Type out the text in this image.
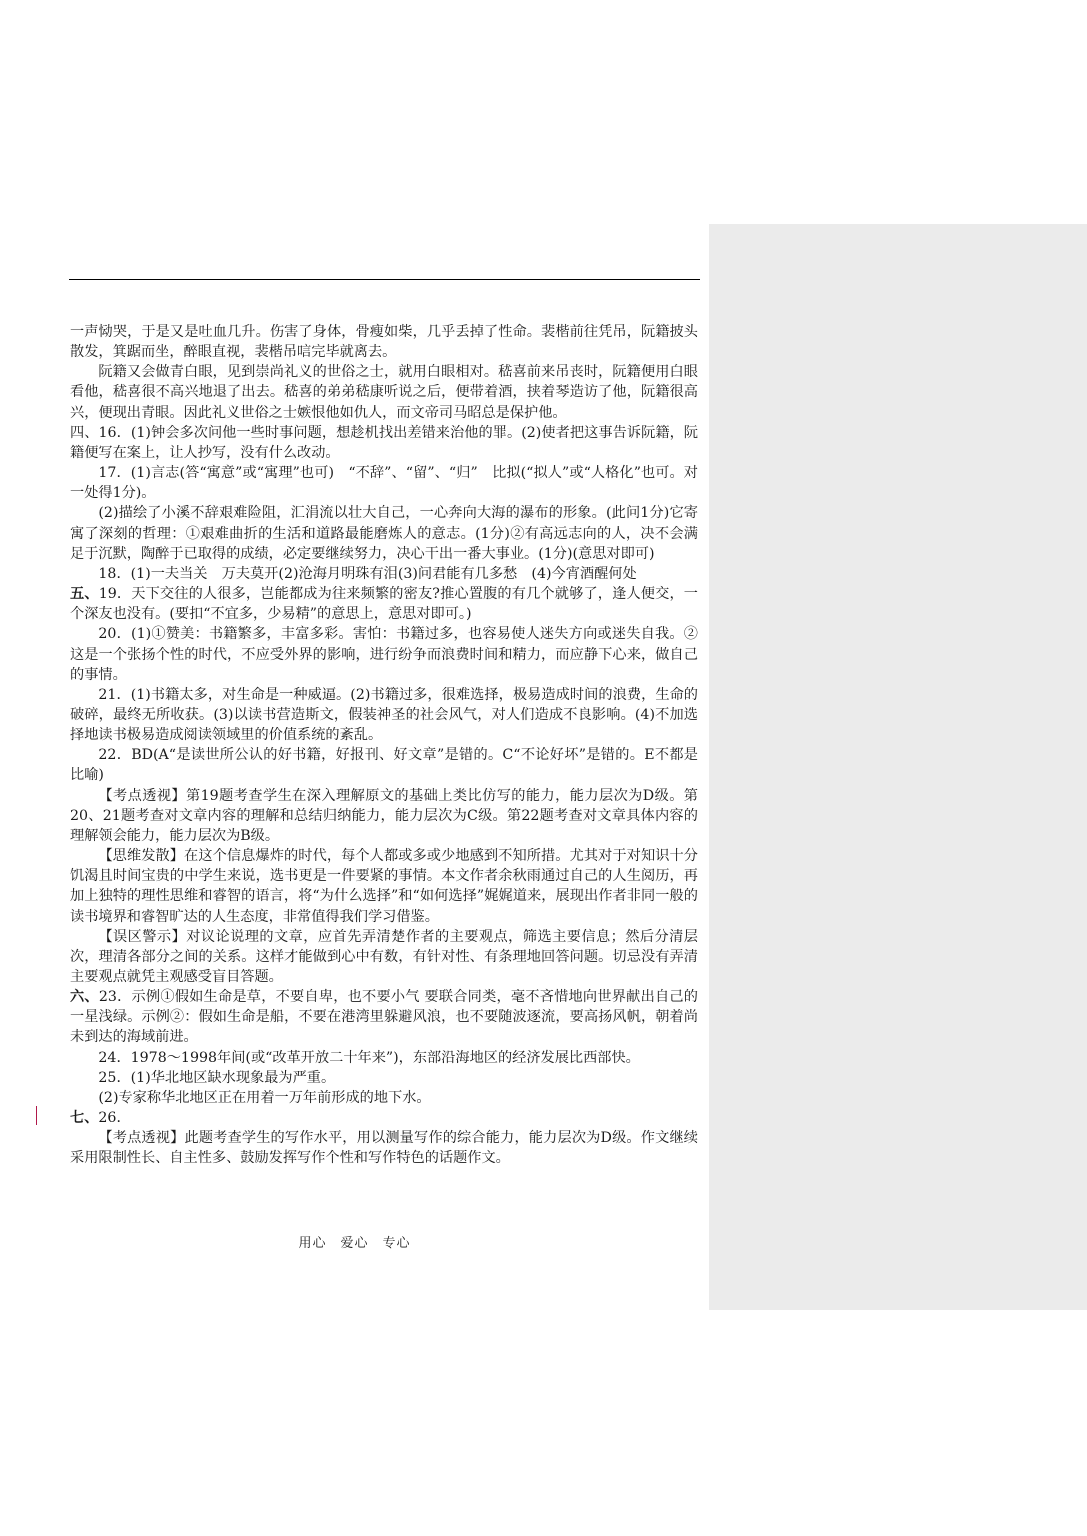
一声恸哭，于是又是吐血几升。伤害了身体，骨瘦如柴，几乎丢掉了性命。裴楷前往凭吊，阮籍披头散发，箕踞而坐，醉眼直视，裴楷吊唁完毕就离去。

阮籍又会做青白眼，见到崇尚礼义的世俗之士，就用白眼相对。嵇喜前来吊丧时，阮籍便用白眼看他，嵇喜很不高兴地退了出去。嵇喜的弟弟嵇康听说之后，便带着酒，挟着琴造访了他，阮籍很高兴，便现出青眼。因此礼义世俗之士嫉恨他如仇人，而文帝司马昭总是保护他。

四、16．(1)钟会多次问他一些时事问题，想趁机找出差错来治他的罪。(2)使者把这事告诉阮籍，阮籍便写在案上，让人抄写，没有什么改动。

17．(1)言志(答“寓意”或“寓理”也可)　“不辞”、“留”、“归”　比拟(“拟人”或“人格化”也可。对一处得1分)。

(2)描绘了小溪不辞艰难险阻，汇涓流以壮大自己，一心奔向大海的瀑布的形象。(此问1分)它寄寓了深刻的哲理：①艰难曲折的生活和道路最能磨炼人的意志。(1分)②有高远志向的人，决不会满足于沉默，陶醉于已取得的成绩，必定要继续努力，决心干出一番大事业。(1分)(意思对即可)

18．(1)一夫当关　万夫莫开(2)沧海月明珠有泪(3)问君能有几多愁　(4)今宵酒醒何处

五、19．天下交往的人很多，岂能都成为往来频繁的密友?推心置腹的有几个就够了，逢人便交，一个深友也没有。(要扣“不宜多，少易精”的意思上，意思对即可。)

20．(1)①赞美：书籍繁多，丰富多彩。害怕：书籍过多，也容易使人迷失方向或迷失自我。②这是一个张扬个性的时代，不应受外界的影响，进行纷争而浪费时间和精力，而应静下心来，做自己的事情。

21．(1)书籍太多，对生命是一种威逼。(2)书籍过多，很难选择，极易造成时间的浪费，生命的破碎，最终无所收获。(3)以读书营造斯文，假装神圣的社会风气，对人们造成不良影响。(4)不加选择地读书极易造成阅读领域里的价值系统的紊乱。

22．BD(A“是读世所公认的好书籍，好报刊、好文章”是错的。C“不论好坏”是错的。E不都是比喻)

【考点透视】第19题考查学生在深入理解原文的基础上类比仿写的能力，能力层次为D级。第20、21题考查对文章内容的理解和总结归纳能力，能力层次为C级。第22题考查对文章具体内容的理解领会能力，能力层次为B级。

【思维发散】在这个信息爆炸的时代，每个人都或多或少地感到不知所措。尤其对于对知识十分饥渴且时间宝贵的中学生来说，选书更是一件要紧的事情。本文作者余秋雨通过自己的人生阅历，再加上独特的理性思维和睿智的语言，将“为什么选择”和“如何选择”娓娓道来，展现出作者非同一般的读书境界和睿智旷达的人生态度，非常值得我们学习借鉴。

【误区警示】对议论说理的文章，应首先弄清楚作者的主要观点，筛选主要信息；然后分清层次，理清各部分之间的关系。这样才能做到心中有数，有针对性、有条理地回答问题。切忌没有弄清主要观点就凭主观感受盲目答题。

六、23．示例①假如生命是草，不要自卑，也不要小气 要联合同类，毫不吝惜地向世界献出自己的一星浅绿。示例②：假如生命是船，不要在港湾里躲避风浪，也不要随波逐流，要高扬风帆，朝着尚未到达的海域前进。

24．1978～1998年间(或“改革开放二十年来”)，东部沿海地区的经济发展比西部快。

25．(1)华北地区缺水现象最为严重。

(2)专家称华北地区正在用着一万年前形成的地下水。

七、26．

【考点透视】此题考查学生的写作水平，用以测量写作的综合能力，能力层次为D级。作文继续采用限制性长、自主性多、鼓励发挥写作个性和写作特色的话题作文。

用心　爱心　专心
